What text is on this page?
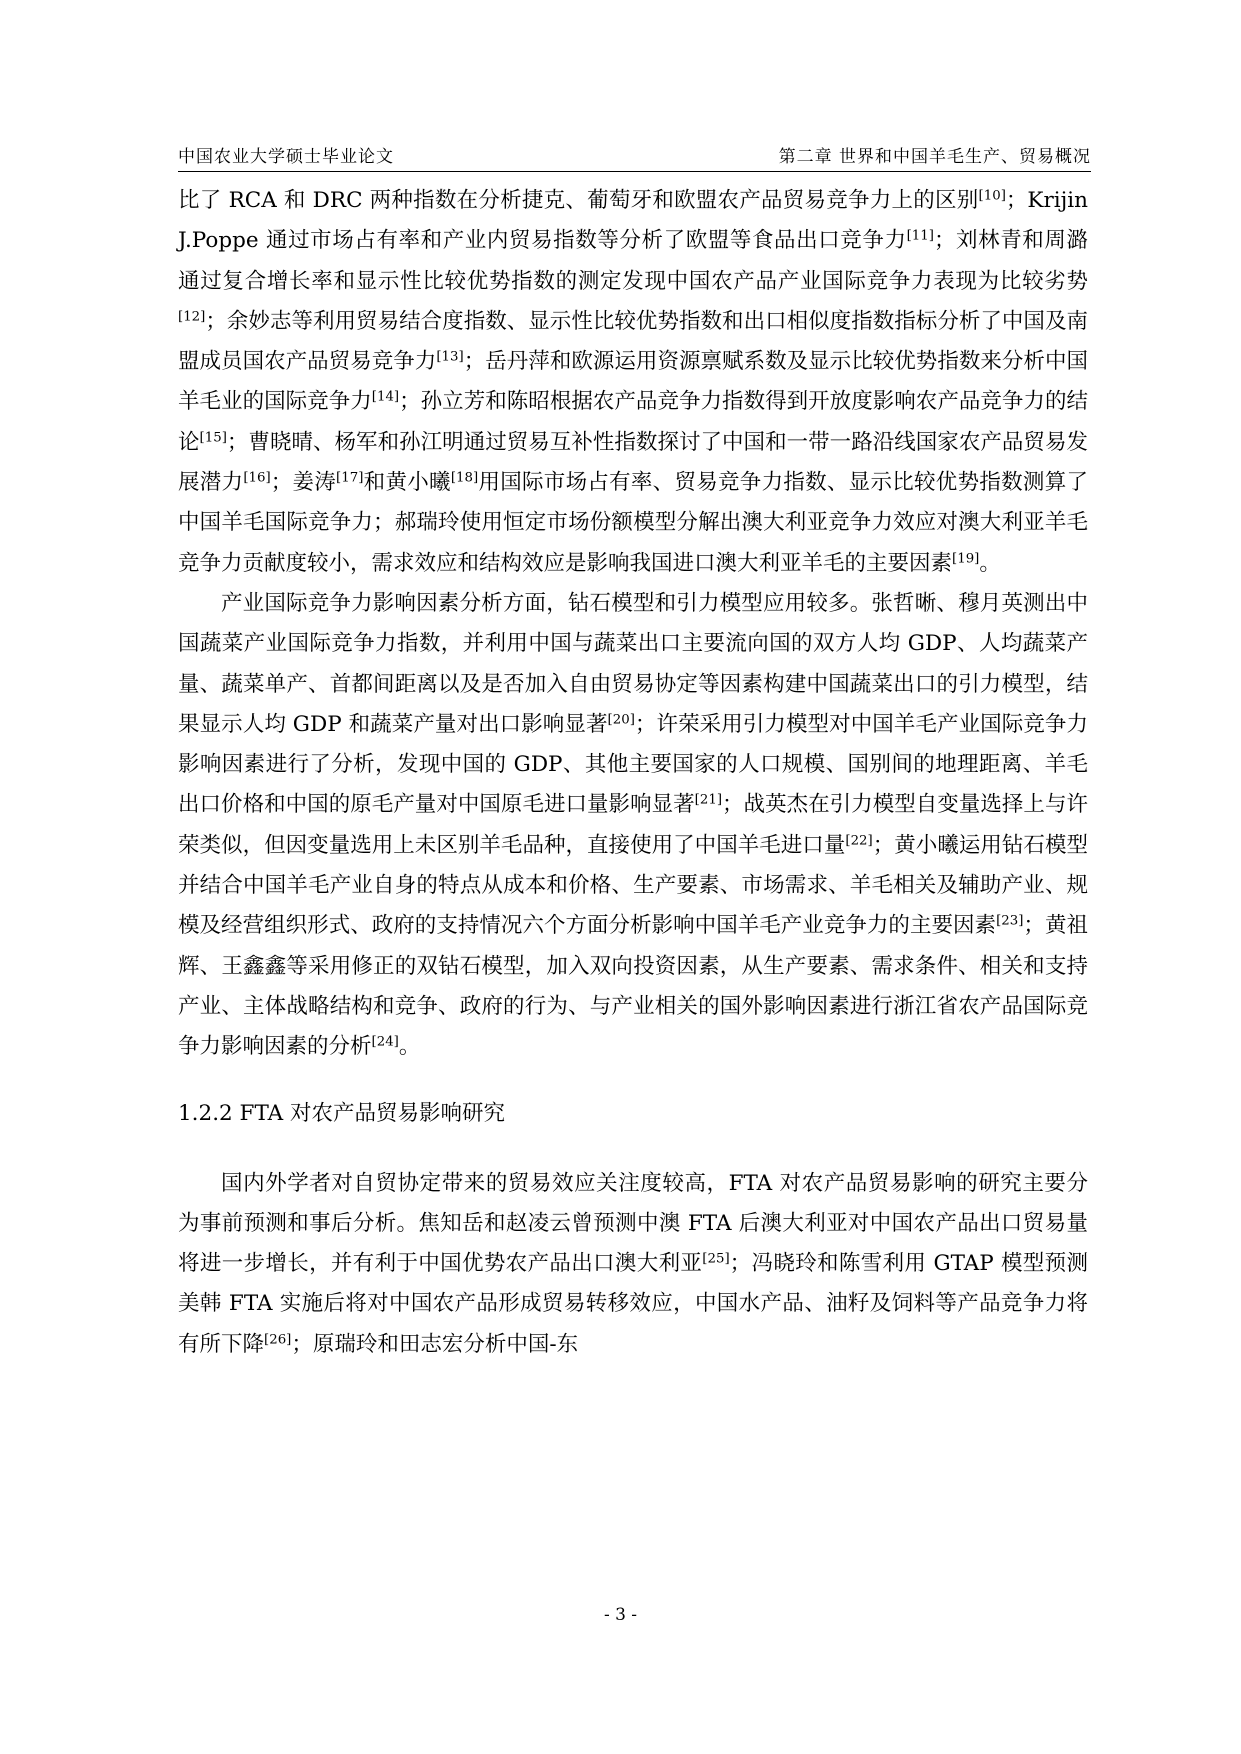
中国农业大学硕士毕业论文	第二章 世界和中国羊毛生产、贸易概况

比了 RCA 和 DRC 两种指数在分析捷克、葡萄牙和欧盟农产品贸易竞争力上的区别[10]；Krijin J.Poppe 通过市场占有率和产业内贸易指数等分析了欧盟等食品出口竞争力[11]；刘林青和周潞通过复合增长率和显示性比较优势指数的测定发现中国农产品产业国际竞争力表现为比较劣势[12]；余妙志等利用贸易结合度指数、显示性比较优势指数和出口相似度指数指标分析了中国及南盟成员国农产品贸易竞争力[13]；岳丹萍和欧源运用资源禀赋系数及显示比较优势指数来分析中国羊毛业的国际竞争力[14]；孙立芳和陈昭根据农产品竞争力指数得到开放度影响农产品竞争力的结论[15]；曹晓晴、杨军和孙江明通过贸易互补性指数探讨了中国和一带一路沿线国家农产品贸易发展潜力[16]；姜涛[17]和黄小曦[18]用国际市场占有率、贸易竞争力指数、显示比较优势指数测算了中国羊毛国际竞争力；郝瑞玲使用恒定市场份额模型分解出澳大利亚竞争力效应对澳大利亚羊毛竞争力贡献度较小，需求效应和结构效应是影响我国进口澳大利亚羊毛的主要因素[19]。

产业国际竞争力影响因素分析方面，钻石模型和引力模型应用较多。张哲晰、穆月英测出中国蔬菜产业国际竞争力指数，并利用中国与蔬菜出口主要流向国的双方人均 GDP、人均蔬菜产量、蔬菜单产、首都间距离以及是否加入自由贸易协定等因素构建中国蔬菜出口的引力模型，结果显示人均 GDP 和蔬菜产量对出口影响显著[20]；许荣采用引力模型对中国羊毛产业国际竞争力影响因素进行了分析，发现中国的 GDP、其他主要国家的人口规模、国别间的地理距离、羊毛出口价格和中国的原毛产量对中国原毛进口量影响显著[21]；战英杰在引力模型自变量选择上与许荣类似，但因变量选用上未区别羊毛品种，直接使用了中国羊毛进口量[22]；黄小曦运用钻石模型并结合中国羊毛产业自身的特点从成本和价格、生产要素、市场需求、羊毛相关及辅助产业、规模及经营组织形式、政府的支持情况六个方面分析影响中国羊毛产业竞争力的主要因素[23]；黄祖辉、王鑫鑫等采用修正的双钻石模型，加入双向投资因素，从生产要素、需求条件、相关和支持产业、主体战略结构和竞争、政府的行为、与产业相关的国外影响因素进行浙江省农产品国际竞争力影响因素的分析[24]。

1.2.2 FTA 对农产品贸易影响研究

国内外学者对自贸协定带来的贸易效应关注度较高，FTA 对农产品贸易影响的研究主要分为事前预测和事后分析。焦知岳和赵凌云曾预测中澳 FTA 后澳大利亚对中国农产品出口贸易量将进一步增长，并有利于中国优势农产品出口澳大利亚[25]；冯晓玲和陈雪利用 GTAP 模型预测美韩 FTA 实施后将对中国农产品形成贸易转移效应，中国水产品、油籽及饲料等产品竞争力将有所下降[26]；原瑞玲和田志宏分析中国-东

- 3 -
